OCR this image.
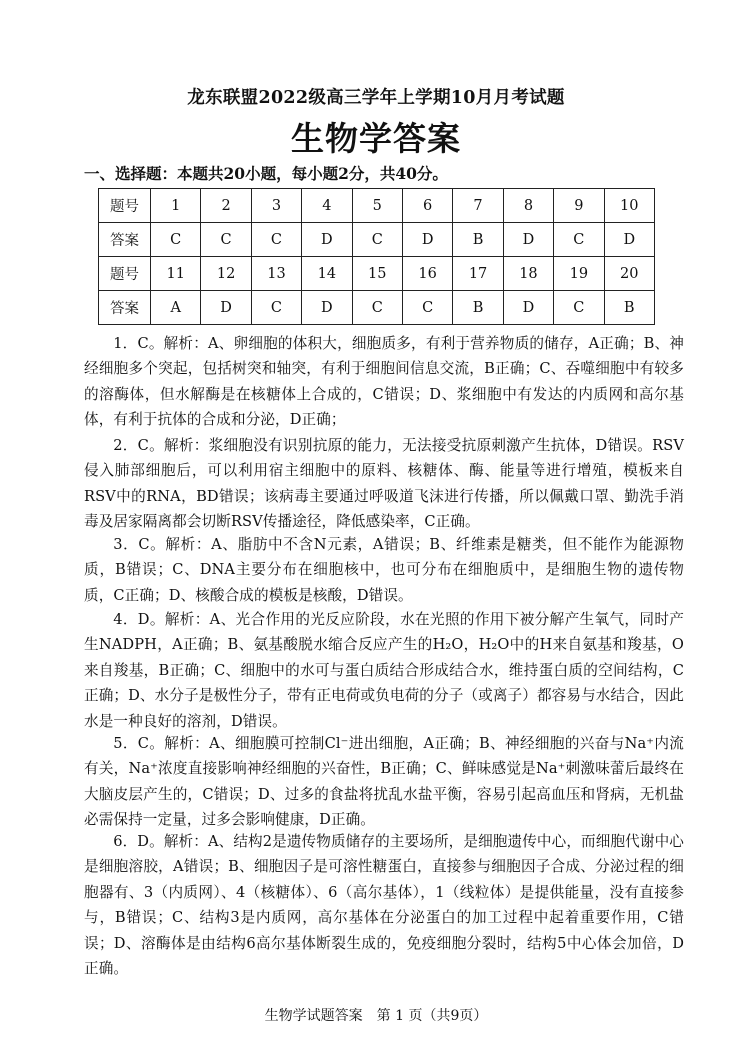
龙东联盟2022级高三学年上学期10月月考试题
生物学答案
一、选择题：本题共20小题，每小题2分，共40分。
题号	1	2	3	4	5	6	7	8	9	10
答案	C	C	C	D	C	D	B	D	C	D
题号	11	12	13	14	15	16	17	18	19	20
答案	A	D	C	D	C	C	B	D	C	B

1．C。解析：A、卵细胞的体积大，细胞质多，有利于营养物质的储存，A正确；B、神经细胞多个突起，包括树突和轴突，有利于细胞间信息交流，B正确；C、吞噬细胞中有较多的溶酶体，但水解酶是在核糖体上合成的，C错误；D、浆细胞中有发达的内质网和高尔基体，有利于抗体的合成和分泌，D正确；

2．C。解析：浆细胞没有识别抗原的能力，无法接受抗原刺激产生抗体，D错误。RSV侵入肺部细胞后，可以利用宿主细胞中的原料、核糖体、酶、能量等进行增殖，模板来自RSV中的RNA，BD错误；该病毒主要通过呼吸道飞沫进行传播，所以佩戴口罩、勤洗手消毒及居家隔离都会切断RSV传播途径，降低感染率，C正确。

3．C。解析：A、脂肪中不含N元素，A错误；B、纤维素是糖类，但不能作为能源物质，B错误；C、DNA主要分布在细胞核中，也可分布在细胞质中，是细胞生物的遗传物质，C正确；D、核酸合成的模板是核酸，D错误。

4．D。解析：A、光合作用的光反应阶段，水在光照的作用下被分解产生氧气，同时产生NADPH，A正确；B、氨基酸脱水缩合反应产生的H₂O，H₂O中的H来自氨基和羧基，O来自羧基，B正确；C、细胞中的水可与蛋白质结合形成结合水，维持蛋白质的空间结构，C正确；D、水分子是极性分子，带有正电荷或负电荷的分子（或离子）都容易与水结合，因此水是一种良好的溶剂，D错误。

5．C。解析：A、细胞膜可控制Cl⁻进出细胞，A正确；B、神经细胞的兴奋与Na⁺内流有关，Na⁺浓度直接影响神经细胞的兴奋性，B正确；C、鲜味感觉是Na⁺刺激味蕾后最终在大脑皮层产生的，C错误；D、过多的食盐将扰乱水盐平衡，容易引起高血压和肾病，无机盐必需保持一定量，过多会影响健康，D正确。

6．D。解析：A、结构2是遗传物质储存的主要场所，是细胞遗传中心，而细胞代谢中心是细胞溶胶，A错误；B、细胞因子是可溶性糖蛋白，直接参与细胞因子合成、分泌过程的细胞器有、3（内质网）、4（核糖体）、6（高尔基体），1（线粒体）是提供能量，没有直接参与，B错误；C、结构3是内质网，高尔基体在分泌蛋白的加工过程中起着重要作用，C错误；D、溶酶体是由结构6高尔基体断裂生成的，免疫细胞分裂时，结构5中心体会加倍，D正确。

生物学试题答案　第 1 页（共9页）
